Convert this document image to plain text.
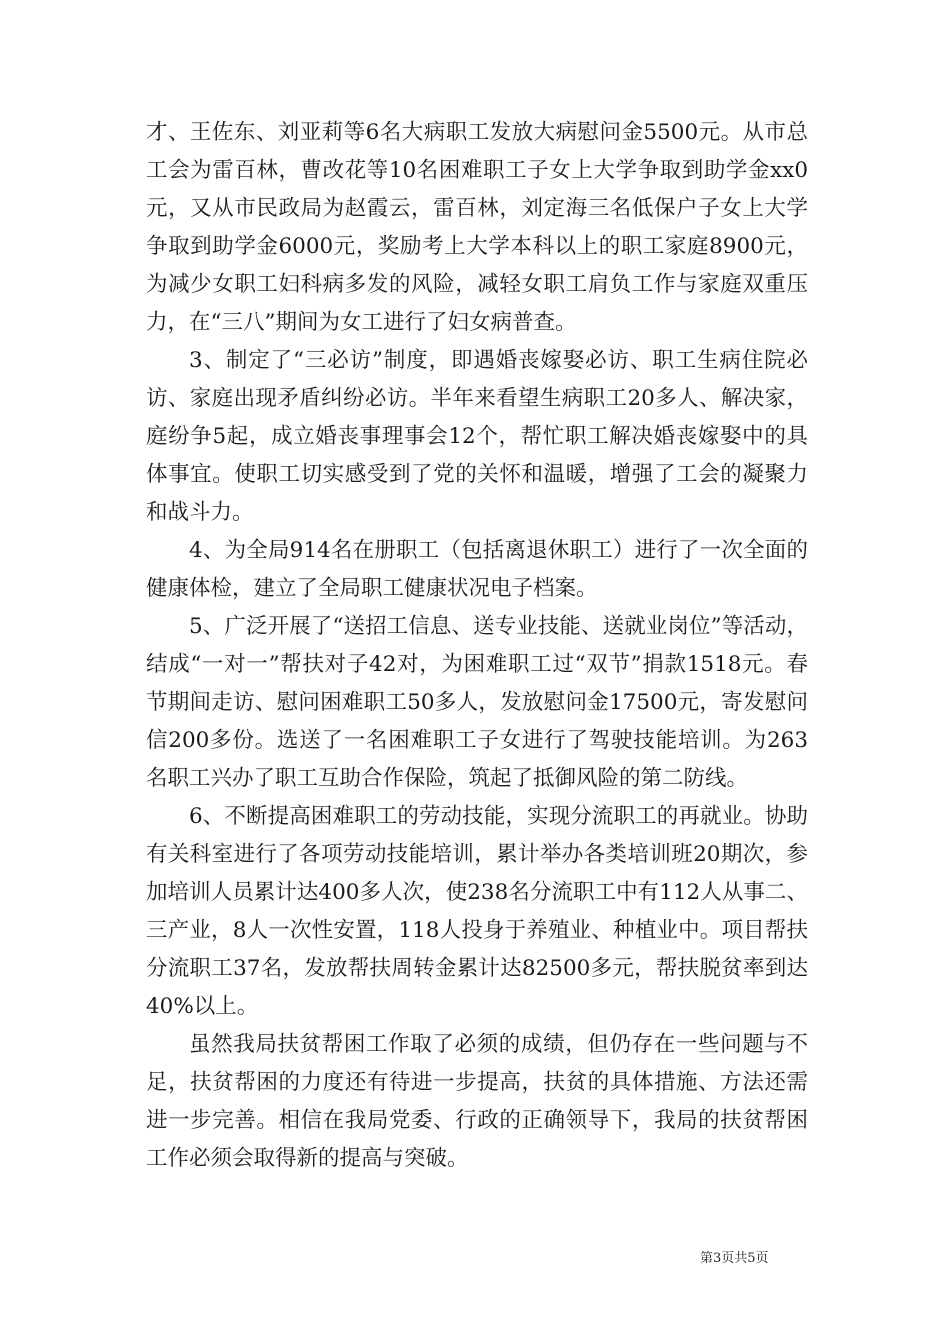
才、王佐东、刘亚莉等6名大病职工发放大病慰问金5500元。从市总工会为雷百林，曹改花等10名困难职工子女上大学争取到助学金xx0元，又从市民政局为赵霞云，雷百林，刘定海三名低保户子女上大学争取到助学金6000元，奖励考上大学本科以上的职工家庭8900元，为减少女职工妇科病多发的风险，减轻女职工肩负工作与家庭双重压力，在“三八”期间为女工进行了妇女病普查。

3、制定了“三必访”制度，即遇婚丧嫁娶必访、职工生病住院必访、家庭出现矛盾纠纷必访。半年来看望生病职工20多人、解决家，庭纷争5起，成立婚丧事理事会12个，帮忙职工解决婚丧嫁娶中的具体事宜。使职工切实感受到了党的关怀和温暖，增强了工会的凝聚力和战斗力。

4、为全局914名在册职工（包括离退休职工）进行了一次全面的健康体检，建立了全局职工健康状况电子档案。

5、广泛开展了“送招工信息、送专业技能、送就业岗位”等活动，结成“一对一”帮扶对子42对，为困难职工过“双节”捐款1518元。春节期间走访、慰问困难职工50多人，发放慰问金17500元，寄发慰问信200多份。选送了一名困难职工子女进行了驾驶技能培训。为263名职工兴办了职工互助合作保险，筑起了抵御风险的第二防线。

6、不断提高困难职工的劳动技能，实现分流职工的再就业。协助有关科室进行了各项劳动技能培训，累计举办各类培训班20期次，参加培训人员累计达400多人次，使238名分流职工中有112人从事二、三产业，8人一次性安置，118人投身于养殖业、种植业中。项目帮扶分流职工37名，发放帮扶周转金累计达82500多元，帮扶脱贫率到达40%以上。

虽然我局扶贫帮困工作取了必须的成绩，但仍存在一些问题与不足，扶贫帮困的力度还有待进一步提高，扶贫的具体措施、方法还需进一步完善。相信在我局党委、行政的正确领导下，我局的扶贫帮困工作必须会取得新的提高与突破。

第3页共5页
